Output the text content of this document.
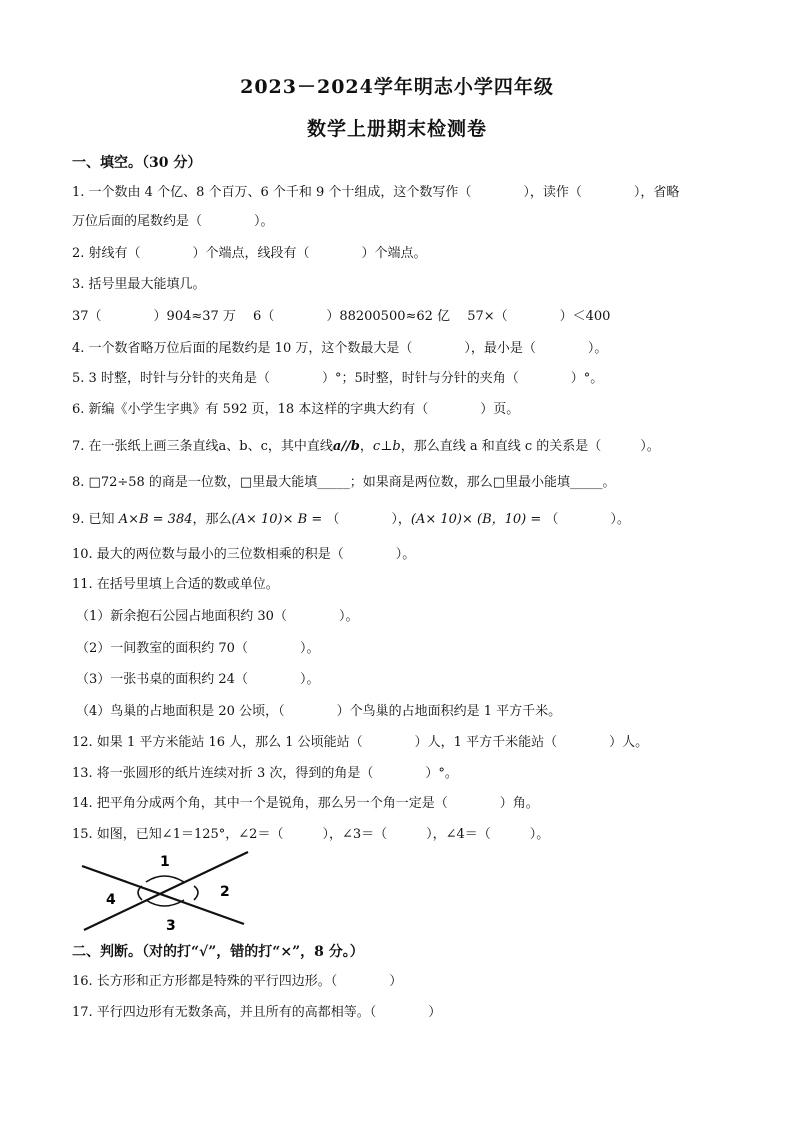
2023－2024学年明志小学四年级
数学上册期末检测卷
一、填空。（30 分）
1. 一个数由 4 个亿、8 个百万、6 个千和 9 个十组成，这个数写作（　　　　），读作（　　　　），省略
万位后面的尾数约是（　　　　）。
2. 射线有（　　　　）个端点，线段有（　　　　）个端点。
3. 括号里最大能填几。
37（　　　　）904≈37 万　 6（　　　　）88200500≈62 亿　 57×（　　　　）＜400
4. 一个数省略万位后面的尾数约是 10 万，这个数最大是（　　　　），最小是（　　　　）。
5. 3 时整，时针与分针的夹角是（　　　　）°；5时整，时针与分针的夹角（　　　　）°。
6. 新编《小学生字典》有 592 页，18 本这样的字典大约有（　　　　）页。
7. 在一张纸上画三条直线a、b、c，其中直线a//b，c⊥b，那么直线 a 和直线 c 的关系是（　　　）。
8. □72÷58 的商是一位数，□里最大能填_____；如果商是两位数，那么□里最小能填_____。
9. 已知 A×B = 384，那么(A× 10)× B = （　　　　），(A× 10)× (B，10) = （　　　　）。
10. 最大的两位数与最小的三位数相乘的积是（　　　　）。
11. 在括号里填上合适的数或单位。
（1）新余抱石公园占地面积约 30（　　　　）。
（2）一间教室的面积约 70（　　　　）。
（3）一张书桌的面积约 24（　　　　）。
（4）鸟巢的占地面积是 20 公顷，（　　　　）个鸟巢的占地面积约是 1 平方千米。
12. 如果 1 平方米能站 16 人，那么 1 公顷能站（　　　　）人，1 平方千米能站（　　　　）人。
13. 将一张圆形的纸片连续对折 3 次，得到的角是（　　　　）°。
14. 把平角分成两个角，其中一个是锐角，那么另一个角一定是（　　　　）角。
15. 如图，已知∠1＝125°，∠2＝（　　　），∠3＝（　　　），∠4＝（　　　）。
1
2
3
4
二、判断。（对的打“√”，错的打“×”，8 分。）
16. 长方形和正方形都是特殊的平行四边形。（　　　　）
17. 平行四边形有无数条高，并且所有的高都相等。（　　　　）
